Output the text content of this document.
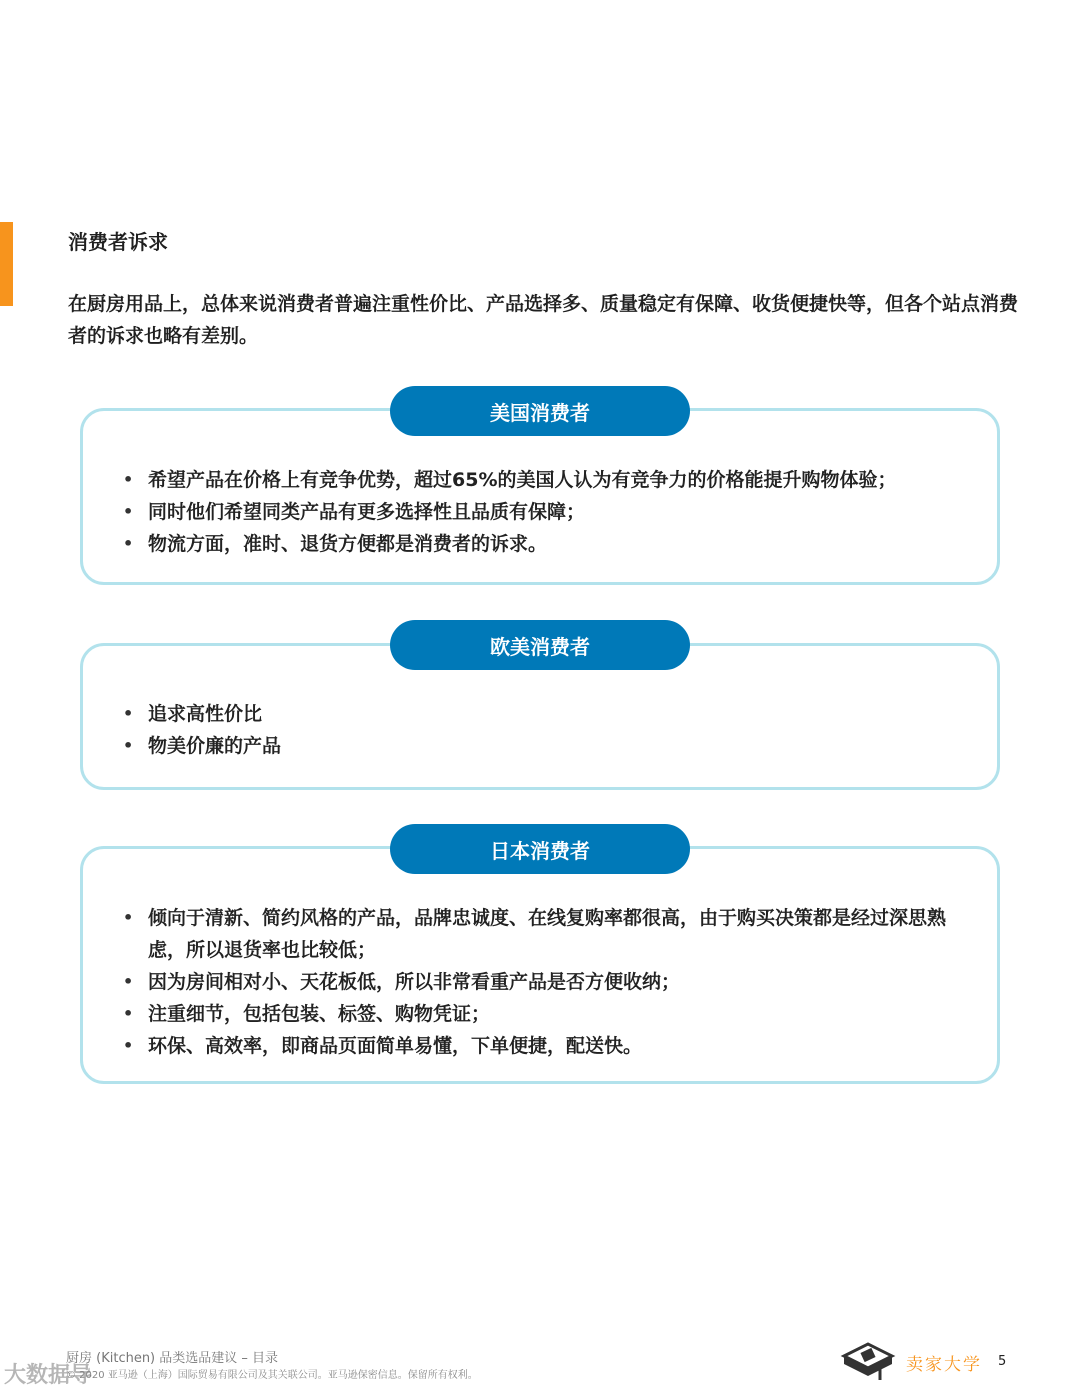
消费者诉求

在厨房用品上，总体来说消费者普遍注重性价比、产品选择多、质量稳定有保障、收货便捷快等，但各个站点消费者的诉求也略有差别。

• 希望产品在价格上有竞争优势，超过65%的美国人认为有竞争力的价格能提升购物体验；
• 同时他们希望同类产品有更多选择性且品质有保障；
• 物流方面，准时、退货方便都是消费者的诉求。
美国消费者
• 追求高性价比
• 物美价廉的产品
欧美消费者
• 倾向于清新、简约风格的产品，品牌忠诚度、在线复购率都很高，由于购买决策都是经过深思熟虑，所以退货率也比较低；
• 因为房间相对小、天花板低，所以非常看重产品是否方便收纳；
• 注重细节，包括包装、标签、购物凭证；
• 环保、高效率，即商品页面简单易懂，下单便捷，配送快。
日本消费者
厨房 (Kitchen) 品类选品建议 – 目录
© 2020 亚马逊（上海）国际贸易有限公司及其关联公司。亚马逊保密信息。保留所有权利。
大数据导	卖家大学 5
